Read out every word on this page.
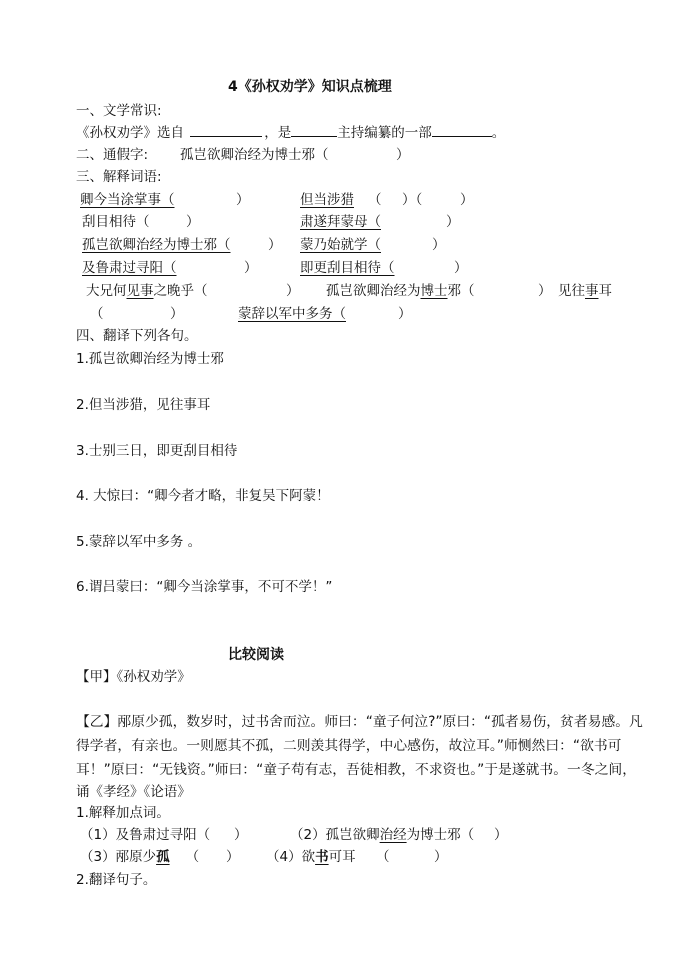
4《孙权劝学》知识点梳理
一、文学常识:
《孙权劝学》选自	，是	主持编纂的一部	。
二、通假字: 孤岂欲卿治经为博士邪（	）
三、解释词语:
卿今当涂掌事（	）	但当涉猎 （ ）（	）
刮目相待（	）	肃遂拜蒙母（	）
孤岂欲卿治经为博士邪（	） 蒙乃始就学（	）
及鲁肃过寻阳（	）	即更刮目相待（	）
大兄何见事之晚乎（	） 孤岂欲卿治经为博士邪（	） 见往事耳
（	）	蒙辞以军中多务（	）
四、翻译下列各句。
1.孤岂欲卿治经为博士邪
2.但当涉猎，见往事耳
3.士别三日，即更刮目相待
4. 大惊曰：“卿今者才略，非复吴下阿蒙！
5.蒙辞以军中多务 。
6.谓吕蒙曰：“卿今当涂掌事，不可不学！”
比较阅读
【甲】《孙权劝学》
【乙】邴原少孤，数岁时，过书舍而泣。师曰：“童子何泣?”原曰：“孤者易伤，贫者易感。凡
得学者，有亲也。一则愿其不孤，二则羡其得学，中心感伤，故泣耳。”师恻然曰：“欲书可
耳！”原曰：“无钱资。”师曰：“童子苟有志，吾徒相教，不求资也。”于是遂就书。一冬之间，
诵《孝经》《论语》
1.解释加点词。
（1）及鲁肃过寻阳（ ）	（2）孤岂欲卿治经为博士邪（ ）
（3）邴原少孤 （ ） （4）欲书可耳 （	）
2.翻译句子。
